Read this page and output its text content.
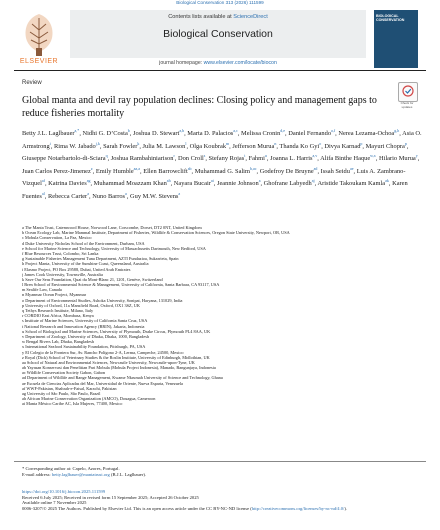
Biological Conservation 313 (2026) 111599
ELSEVIER
Contents lists available at ScienceDirect
Biological Conservation
journal homepage: www.elsevier.com/locate/biocon
BIOLOGICAL CONSERVATION
Review
Check for updates
Global manta and devil ray population declines: Closing policy and management gaps to reduce fisheries mortality
Betty J.L. Laglbauer$^{a,*}$, Nidhi G. D’Costa$^b$, Joshua D. Stewart$^{a,b}$, Marta D. Palacios$^{a,c}$, Melissa Cronin$^{d,e}$, Daniel Fernando$^{a,f}$, Nerea Lezama-Ochoa$^{g,h}$, Asia O. Armstrong$^i$, Rima W. Jabado$^{j,k}$, Sarah Fowler$^k$, Julia M. Lawson$^l$, Olga Koubrak$^m$, Jefferson Murua$^n$, Thanda Ko Gyi$^o$, Divya Karnad$^p$, Mayuri Chopra$^p$, Giuseppe Notarbartolo-di-Sciara$^q$, Joshua Rambahiniarison$^r$, Don Croll$^s$, Stefany Rojas$^t$, Fahmi$^u$, Joanna L. Harris$^{a,v}$, Alifa Binthe Haque$^{w,x}$, Hilario Murua$^y$, Juan Carlos Perez-Jimenez$^z$, Emily Humble$^{aa,a}$, Ellen Barrowclift$^{ab}$, Muhammad G. Salim$^{b,ac}$, Godefroy De Bruyne$^{ad}$, Issah Seidu$^{ae}$, Luis A. Zambrano-Vizquel$^{af}$, Katrina Davies$^{ag}$, Muhammad Moazzam Khan$^{ah}$, Nayara Bucair$^{ai}$, Jeannie Johnson$^a$, Ghofrane Labyedh$^{aj}$, Aristide Takoukam Kamla$^{ak}$, Karen Fuentes$^{al}$, Rebecca Carter$^a$, Nuno Barros$^a$, Guy M.W. Stevens$^a$
a The Manta Trust, Catemwood House, Norwood Lane, Corscombe, Dorset, DT2 0NT, United Kingdom
b Ocean Ecology Lab, Marine Mammal Institute, Department of Fisheries, Wildlife & Conservation Sciences, Oregon State University, Newport, OR, USA
c Mobula Conservation, La Paz, Mexico
d Duke University Nicholas School of the Environment, Durham, USA
e School for Marine Science and Technology, University of Massachusetts Dartmouth, New Bedford, USA
f Blue Resources Trust, Colombo, Sri Lanka
g Sustainable Fisheries Management Tuna Department, AZTI Fundazioa, Sukarrieta, Spain
h Project Manta, University of the Sunshine Coast, Queensland, Australia
i Elasmo Project, PO Box 29588, Dubai, United Arab Emirates
j James Cook University, Townsville, Australia
k Save Our Seas Foundation, Quai du Mont-Blanc 21, 1201, Genève, Switzerland
l Bren School of Environmental Science & Management, University of California, Santa Barbara, CA 93117, USA
m Sealife Law, Canada
n Myanmar Ocean Project, Myanmar
o Department of Environmental Studies, Ashoka University, Sonipat, Haryana, 131029, India
p University of Oxford, 11a Mansfield Road, Oxford, OX1 3SZ, UK
q Tethys Research Institute, Milano, Italy
r CORDIO East Africa, Mombasa, Kenya
s Institute of Marine Sciences, University of California Santa Cruz, USA
t National Research and Innovation Agency (BRIN), Jakarta, Indonesia
u School of Biological and Marine Sciences, University of Plymouth, Drake Circus, Plymouth PL4 8AA, UK
v Department of Zoology, University of Dhaka, Dhaka, 1000, Bangladesh
w Bengal Rivers Lab, Dhaka, Bangladesh
x International Seafood Sustainability Foundation, Pittsburgh, PA, USA
y El Colegio de la Frontera Sur, Av. Rancho Polígono 2-A, Lerma, Campeche, 24500, Mexico
z Royal (Dick) School of Veterinary Studies & the Roslin Institute, University of Edinburgh, Midlothian, UK
aa School of Natural and Environmental Sciences, Newcastle University, Newcastle-upon-Tyne, UK
ab Yayasan Konservasi dan Penelitian Pari Mobula (Mobula Project Indonesia), Manado, Bangunjaya, Indonesia
ac Wildlife Conservation Society Gabon, Gabon
ad Department of Wildlife and Range Management, Kwame Nkrumah University of Science and Technology, Ghana
ae Escuela de Ciencias Aplicadas del Mar, Universidad de Oriente, Nueva Esparta, Venezuela
af WWF-Pakistan, Shahrah-e-Faisal, Karachi, Pakistan
ag University of São Paulo, São Paulo, Brazil
ah African Marine Conservation Organization (AMCO), Douagua, Cameroon
ai Manta México Caribe AC, Isla Mujeres, 77400, Mexico
* Corresponding author at: Capelo, Azores, Portugal.
E-mail address: betty.laglbauer@mantatrust.org (B.J.L. Laglbauer).
https://doi.org/10.1016/j.biocon.2025.111599
Received 6 July 2025; Received in revised form 15 September 2025; Accepted 26 October 2025
Available online 7 November 2025
0006-3207/© 2025 The Authors. Published by Elsevier Ltd. This is an open access article under the CC BY-NC-ND license (http://creativecommons.org/licenses/by-nc-nd/4.0/).
